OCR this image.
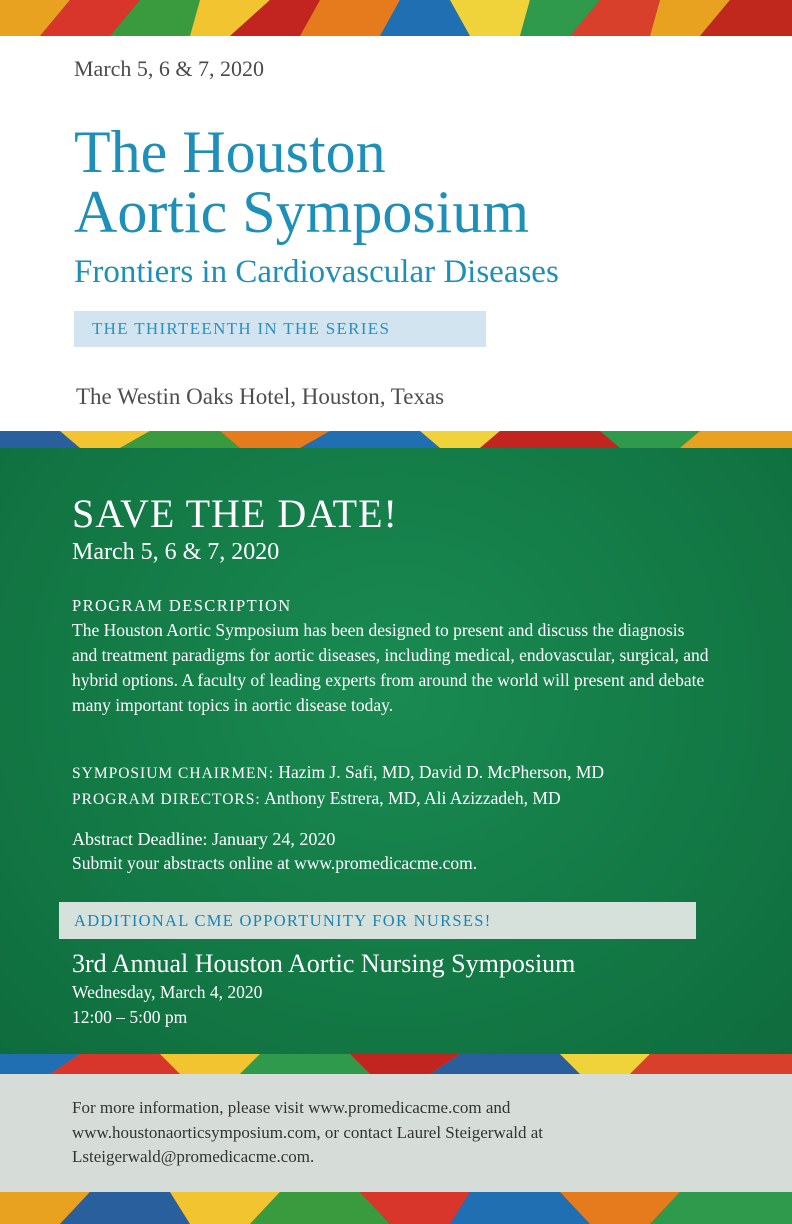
March 5, 6 & 7, 2020
The Houston
Aortic Symposium
Frontiers in Cardiovascular Diseases
THE THIRTEENTH IN THE SERIES
The Westin Oaks Hotel, Houston, Texas
SAVE THE DATE!
March 5, 6 & 7, 2020
PROGRAM DESCRIPTION
The Houston Aortic Symposium has been designed to present and discuss the diagnosis and treatment paradigms for aortic diseases, including medical, endovascular, surgical, and hybrid options. A faculty of leading experts from around the world will present and debate many important topics in aortic disease today.
SYMPOSIUM CHAIRMEN: Hazim J. Safi, MD, David D. McPherson, MD
PROGRAM DIRECTORS: Anthony Estrera, MD, Ali Azizzadeh, MD
Abstract Deadline: January 24, 2020
Submit your abstracts online at www.promedicacme.com.
ADDITIONAL CME OPPORTUNITY FOR NURSES!
3rd Annual Houston Aortic Nursing Symposium
Wednesday, March 4, 2020
12:00 – 5:00 pm
For more information, please visit www.promedicacme.com and www.houstonaorticsymposium.com, or contact Laurel Steigerwald at Lsteigerwald@promedicacme.com.
